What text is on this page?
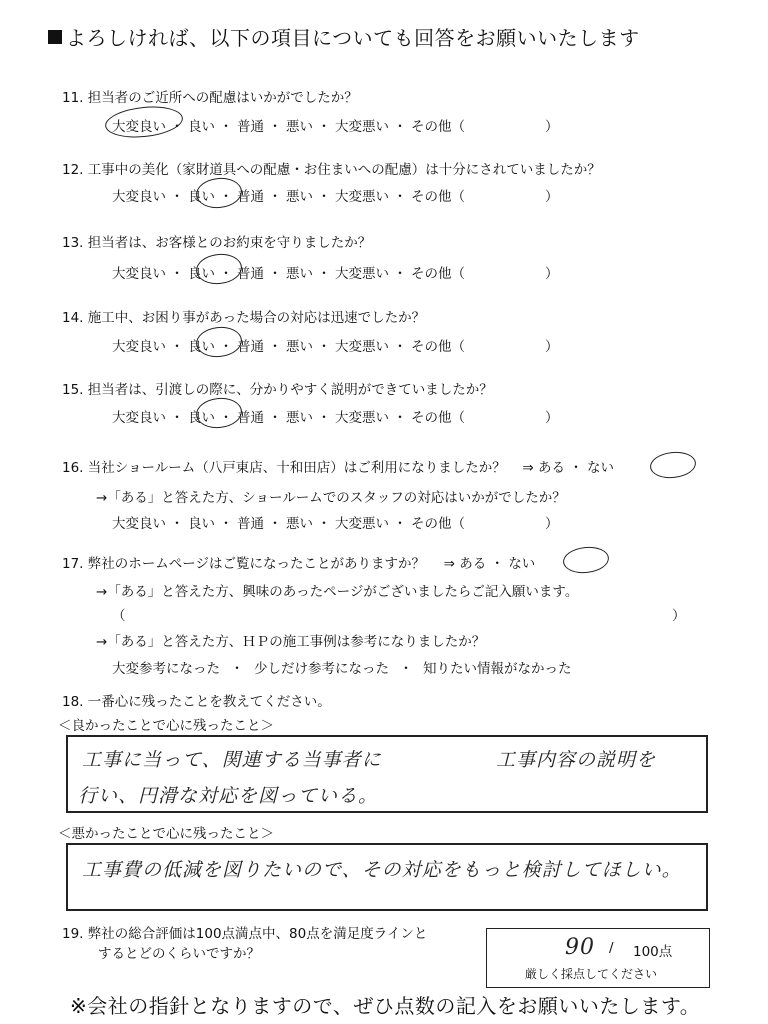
よろしければ、以下の項目についても回答をお願いいたします
11. 担当者のご近所への配慮はいかがでしたか？
大変良い ・ 良い ・ 普通 ・ 悪い ・ 大変悪い ・ その他（	）
12. 工事中の美化（家財道具への配慮・お住まいへの配慮）は十分にされていましたか？
大変良い ・ 良い ・ 普通 ・ 悪い ・ 大変悪い ・ その他（	）
13. 担当者は、お客様とのお約束を守りましたか？
大変良い ・ 良い ・ 普通 ・ 悪い ・ 大変悪い ・ その他（	）
14. 施工中、お困り事があった場合の対応は迅速でしたか？
大変良い ・ 良い ・ 普通 ・ 悪い ・ 大変悪い ・ その他（	）
15. 担当者は、引渡しの際に、分かりやすく説明ができていましたか？
大変良い ・ 良い ・ 普通 ・ 悪い ・ 大変悪い ・ その他（	）
16. 当社ショールーム（八戸東店、十和田店）はご利用になりましたか？ ⇒ ある ・ ない
→「ある」と答えた方、ショールームでのスタッフの対応はいかがでしたか？
大変良い ・ 良い ・ 普通 ・ 悪い ・ 大変悪い ・ その他（	）
17. 弊社のホームページはご覧になったことがありますか？ ⇒ ある ・ ない
→「ある」と答えた方、興味のあったページがございましたらご記入願います。
（	）
→「ある」と答えた方、ＨＰの施工事例は参考になりましたか？
大変参考になった ・ 少しだけ参考になった ・ 知りたい情報がなかった
18. 一番心に残ったことを教えてください。
＜良かったことで心に残ったこと＞
工事に当って、関連する当事者に	工事内容の説明を
行い、円滑な対応を図っている。
＜悪かったことで心に残ったこと＞
工事費の低減を図りたいので、その対応をもっと検討してほしい。
19. 弊社の総合評価は100点満点中、80点を満足度ラインと
するとどのくらいですか？	90 / 100点
厳しく採点してください
※会社の指針となりますので、ぜひ点数の記入をお願いいたします。
